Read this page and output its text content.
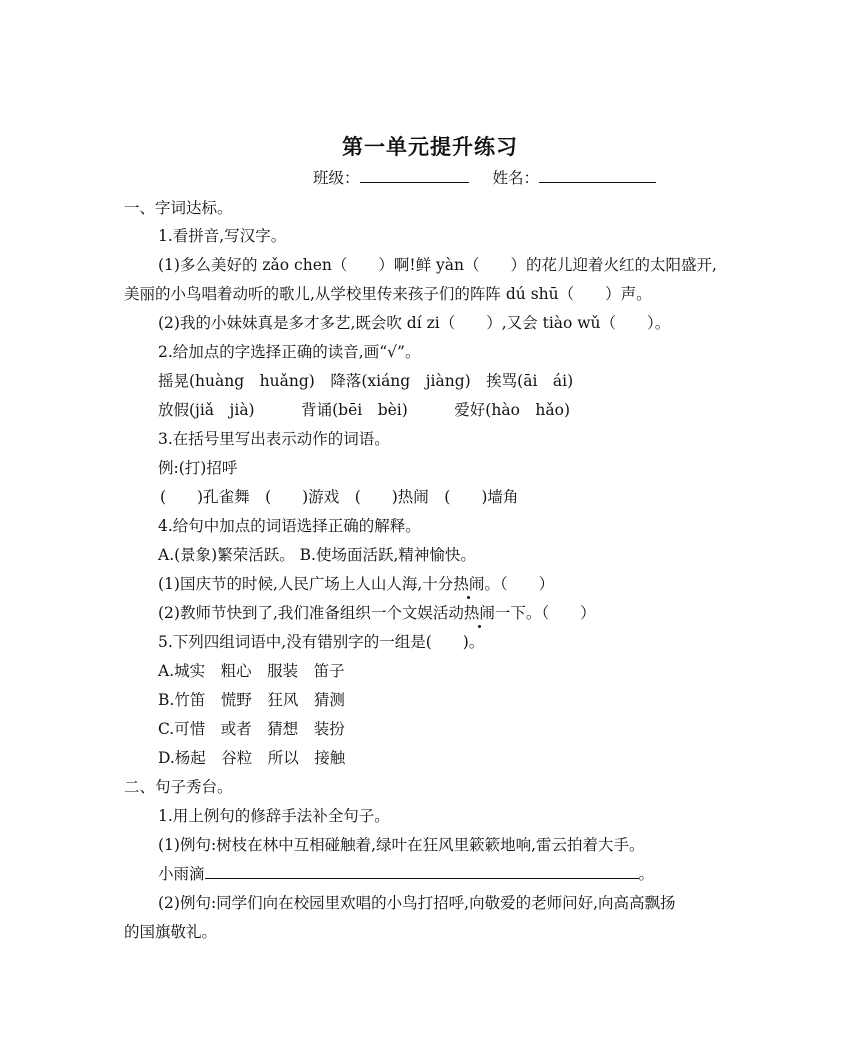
第一单元提升练习
班级：	姓名：
一、字词达标。
1.看拼音,写汉字。
(1)多么美好的 zǎo chen（　　）啊!鲜 yàn（　　）的花儿迎着火红的太阳盛开,
美丽的小鸟唱着动听的歌儿,从学校里传来孩子们的阵阵 dú shū（　　）声。
(2)我的小妹妹真是多才多艺,既会吹 dí zi（　　）,又会 tiào wǔ（　　）。
2.给加点的字选择正确的读音,画“√”。
摇晃(huàng　huǎng)　降落(xiáng　jiàng)　挨骂(āi　ái)
放假(jiǎ　jià)　　　背诵(bēi　bèi)　　　爱好(hào　hǎo)
3.在括号里写出表示动作的词语。
例:(打)招呼
(　　)孔雀舞　(　　)游戏　(　　)热闹　(　　)墙角
4.给句中加点的词语选择正确的解释。
A.(景象)繁荣活跃。 B.使场面活跃,精神愉快。
(1)国庆节的时候,人民广场上人山人海,十分热闹。（　　）
(2)教师节快到了,我们准备组织一个文娱活动热闹一下。（　　）
5.下列四组词语中,没有错别字的一组是(　　)。
A.城实　粗心　服装　笛子
B.竹笛　慌野　狂风　猜测
C.可惜　或者　猜想　装扮
D.杨起　谷粒　所以　接触
二、句子秀台。
1.用上例句的修辞手法补全句子。
(1)例句:树枝在林中互相碰触着,绿叶在狂风里簌簌地响,雷云拍着大手。
小雨滴	。
(2)例句:同学们向在校园里欢唱的小鸟打招呼,向敬爱的老师问好,向高高飘扬
的国旗敬礼。
